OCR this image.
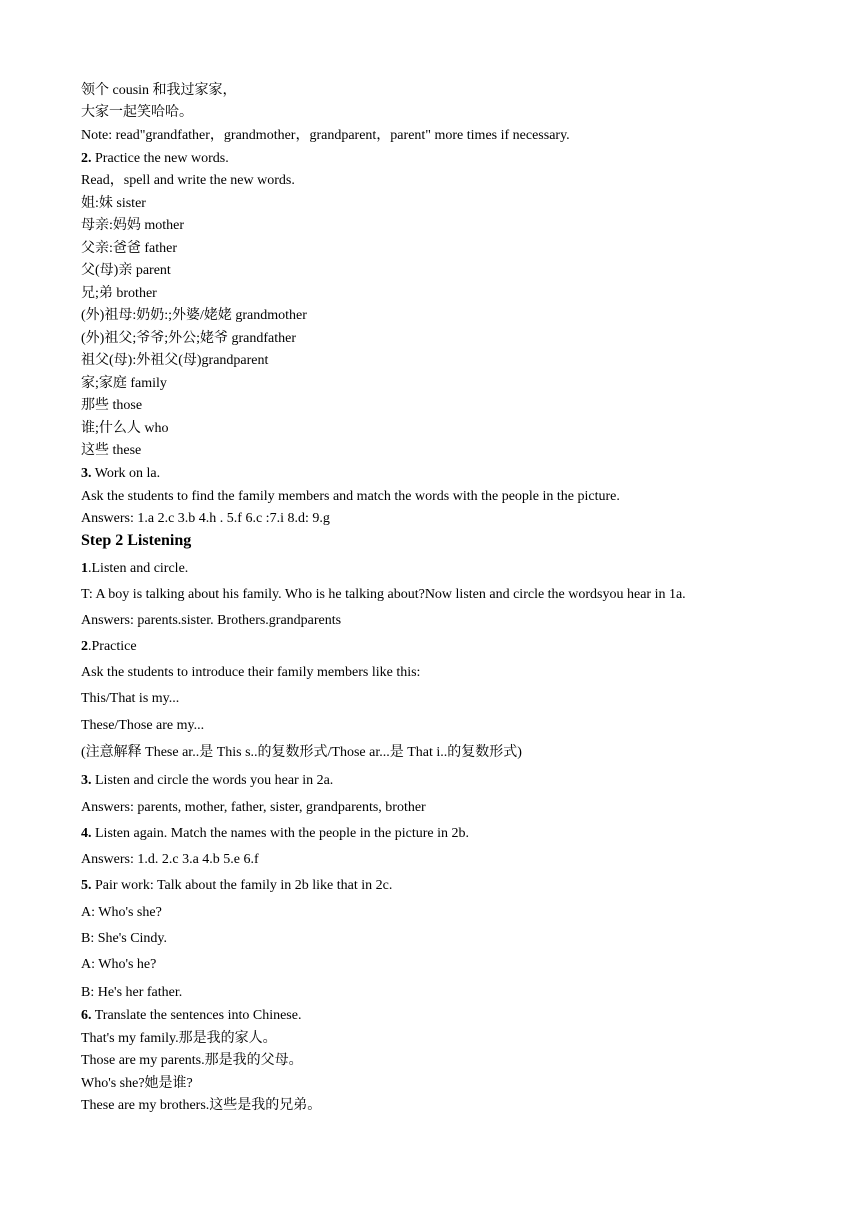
领个 cousin 和我过家家，
大家一起笑哈哈。
Note: read"grandfather，grandmother，grandparent，parent" more times if necessary.
2. Practice the new words.
Read，spell and write the new words.
姐:妹 sister
母亲:妈妈 mother
父亲:爸爸 father
父(母)亲 parent
兄;弟 brother
(外)祖母:奶奶:;外婆/姥姥 grandmother
(外)祖父;爷爷;外公;姥爷 grandfather
祖父(母):外祖父(母)grandparent
家;家庭 family
那些 those
谁;什么人 who
这些 these
3. Work on la.
Ask the students to find the family members and match the words with the people in the picture.
Answers: 1.a 2.c 3.b 4.h . 5.f 6.c :7.i 8.d: 9.g
Step 2 Listening
1.Listen and circle.
T: A boy is talking about his family. Who is he talking about?Now listen and circle the wordsyou hear in 1a.
Answers: parents.sister. Brothers.grandparents
2.Practice
Ask the students to introduce their family members like this:
This/That is my...
These/Those are my...
(注意解释 These ar..是 This s..的复数形式/Those ar...是 That i..的复数形式)
3. Listen and circle the words you hear in 2a.
Answers: parents, mother, father, sister, grandparents, brother
4. Listen again. Match the names with the people in the picture in 2b.
Answers: 1.d. 2.c 3.a 4.b 5.e 6.f
5. Pair work: Talk about the family in 2b like that in 2c.
A: Who's she?
B: She's Cindy.
A: Who's he?
B: He's her father.
6. Translate the sentences into Chinese.
That's my family.那是我的家人。
Those are my parents.那是我的父母。
Who's she?她是谁?
These are my brothers.这些是我的兄弟。
